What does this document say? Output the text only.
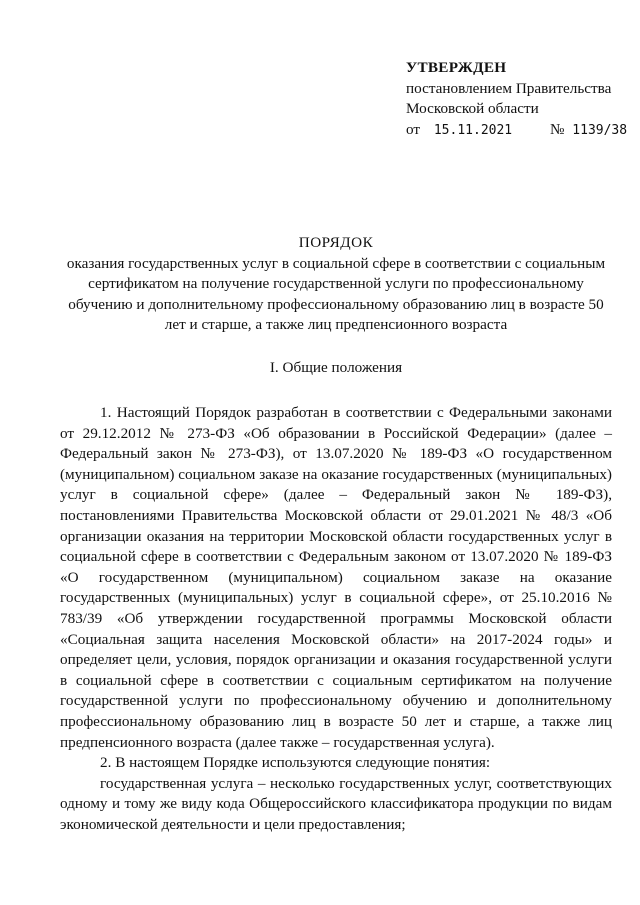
УТВЕРЖДЕН
постановлением Правительства
Московской области
от 15.11.2021 № 1139/38
ПОРЯДОК
оказания государственных услуг в социальной сфере в соответствии с социальным сертификатом на получение государственной услуги по профессиональному обучению и дополнительному профессиональному образованию лиц в возрасте 50 лет и старше, а также лиц предпенсионного возраста
I. Общие положения

1. Настоящий Порядок разработан в соответствии с Федеральными законами от 29.12.2012 № 273-ФЗ «Об образовании в Российской Федерации» (далее – Федеральный закон № 273-ФЗ), от 13.07.2020 № 189-ФЗ «О государственном (муниципальном) социальном заказе на оказание государственных (муниципальных) услуг в социальной сфере» (далее – Федеральный закон № 189-ФЗ), постановлениями Правительства Московской области от 29.01.2021 № 48/3 «Об организации оказания на территории Московской области государственных услуг в социальной сфере в соответствии с Федеральным законом от 13.07.2020 № 189-ФЗ «О государственном (муниципальном) социальном заказе на оказание государственных (муниципальных) услуг в социальной сфере», от 25.10.2016 № 783/39 «Об утверждении государственной программы Московской области «Социальная защита населения Московской области» на 2017-2024 годы» и определяет цели, условия, порядок организации и оказания государственной услуги в социальной сфере в соответствии с социальным сертификатом на получение государственной услуги по профессиональному обучению и дополнительному профессиональному образованию лиц в возрасте 50 лет и старше, а также лиц предпенсионного возраста (далее также – государственная услуга).

2. В настоящем Порядке используются следующие понятия:

государственная услуга – несколько государственных услуг, соответствующих одному и тому же виду кода Общероссийского классификатора продукции по видам экономической деятельности и цели предоставления;
